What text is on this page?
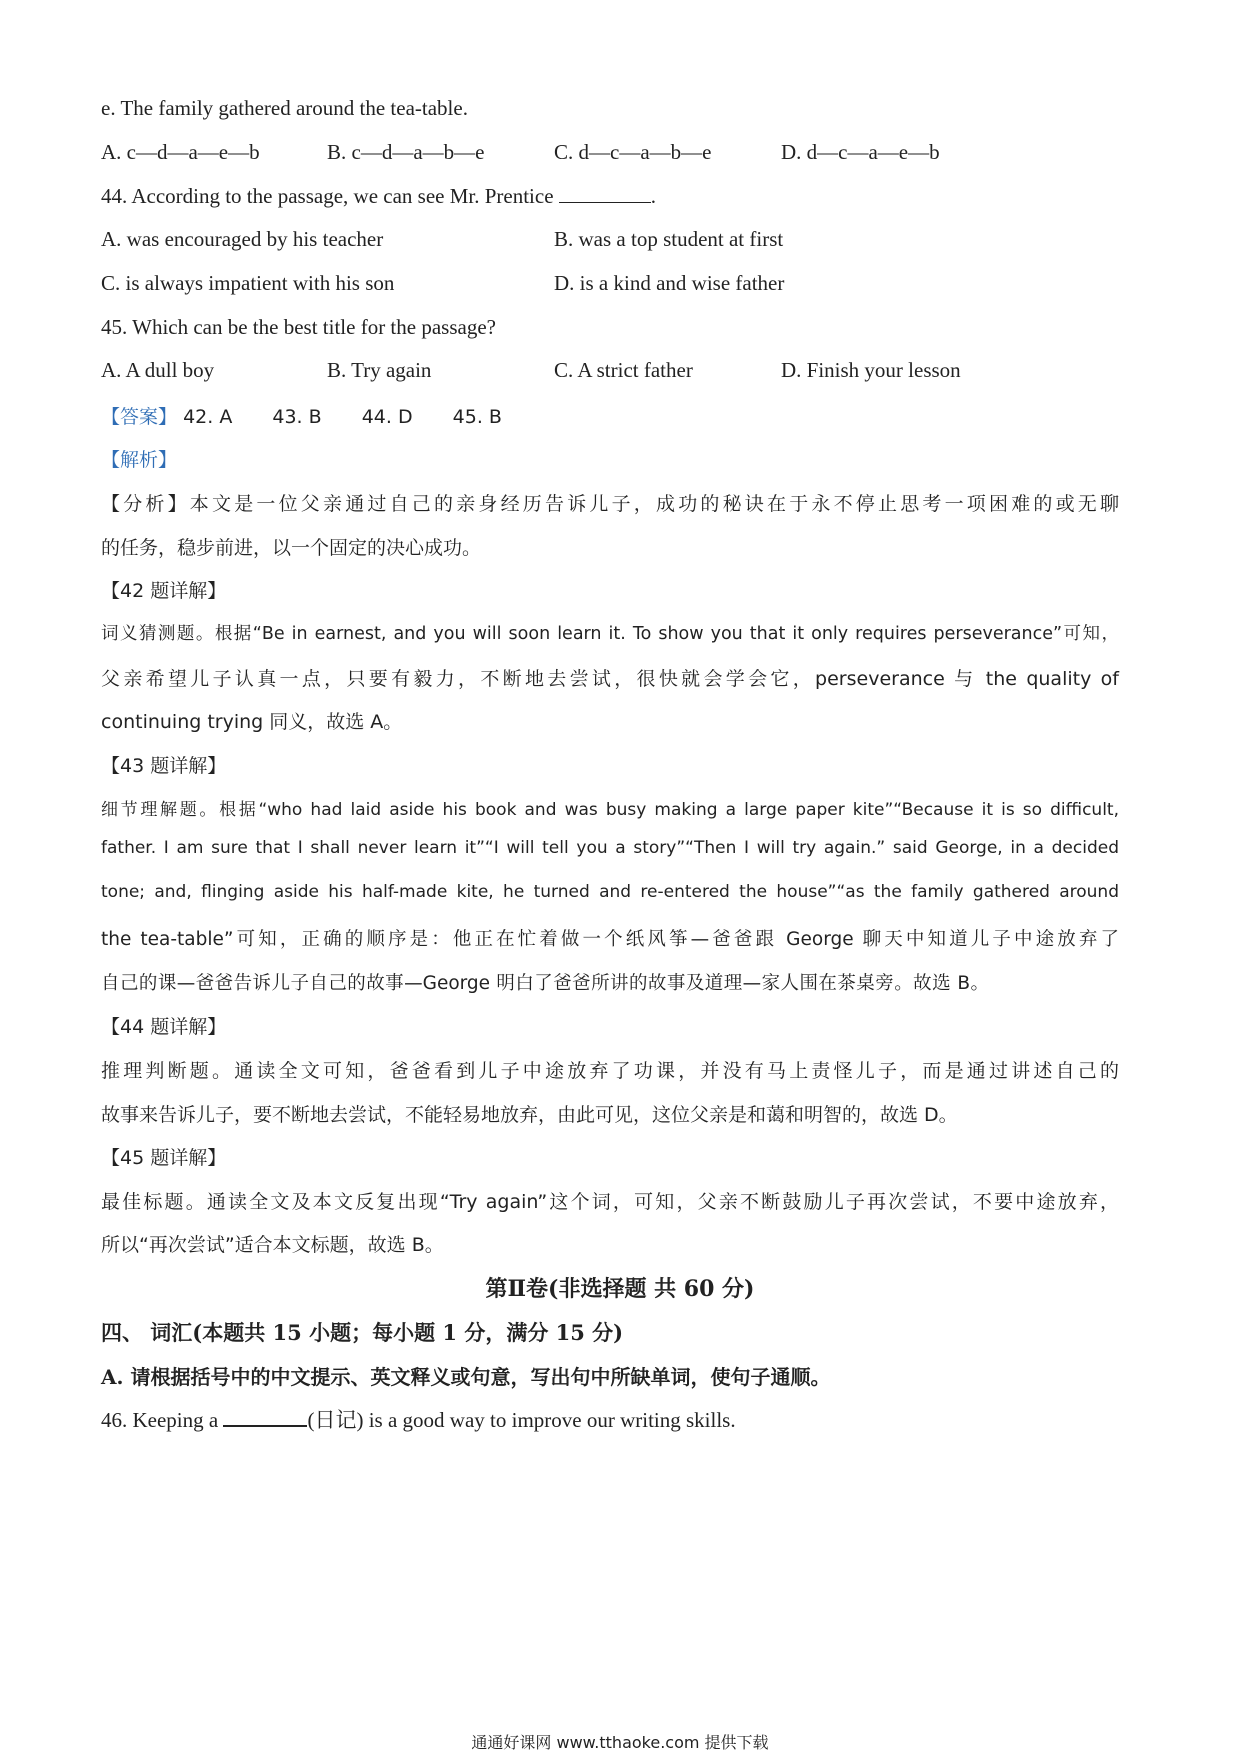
e. The family gathered around the tea-table.
A. c—d—a—e—b	B. c—d—a—b—e	C. d—c—a—b—e	D. d—c—a—e—b
44. According to the passage, we can see Mr. Prentice	.
A. was encouraged by his teacher	B. was a top student at first
C. is always impatient with his son	D. is a kind and wise father
45. Which can be the best title for the passage?
A. A dull boy	B. Try again	C. A strict father	D. Finish your lesson
【答案】 42. A 43. B 44. D 45. B
【解析】
【分析】本文是一位父亲通过自己的亲身经历告诉儿子，成功的秘诀在于永不停止思考一项困难的或无聊
的任务，稳步前进，以一个固定的决心成功。
【42 题详解】
词义猜测题。根据“Be in earnest, and you will soon learn it. To show you that it only requires perseverance”可知，
父亲希望儿子认真一点，只要有毅力，不断地去尝试，很快就会学会它，perseverance 与 the quality of
continuing trying 同义，故选 A。
【43 题详解】
细节理解题。根据“who had laid aside his book and was busy making a large paper kite”“Because it is so difficult,
father. I am sure that I shall never learn it”“I will tell you a story”“Then I will try again.” said George, in a decided
tone; and, flinging aside his half-made kite, he turned and re-entered the house”“as the family gathered around
the tea-table”可知，正确的顺序是：他正在忙着做一个纸风筝—爸爸跟 George 聊天中知道儿子中途放弃了
自己的课—爸爸告诉儿子自己的故事—George 明白了爸爸所讲的故事及道理—家人围在茶桌旁。故选 B。
【44 题详解】
推理判断题。通读全文可知，爸爸看到儿子中途放弃了功课，并没有马上责怪儿子，而是通过讲述自己的
故事来告诉儿子，要不断地去尝试，不能轻易地放弃，由此可见，这位父亲是和蔼和明智的，故选 D。
【45 题详解】
最佳标题。通读全文及本文反复出现“Try again”这个词，可知，父亲不断鼓励儿子再次尝试，不要中途放弃，
所以“再次尝试”适合本文标题，故选 B。
第Ⅱ卷(非选择题 共 60 分)
四、 词汇(本题共 15 小题；每小题 1 分，满分 15 分)
A. 请根据括号中的中文提示、英文释义或句意，写出句中所缺单词，使句子通顺。
46. Keeping a	(日记) is a good way to improve our writing skills.
通通好课网 www.tthaoke.com 提供下载
